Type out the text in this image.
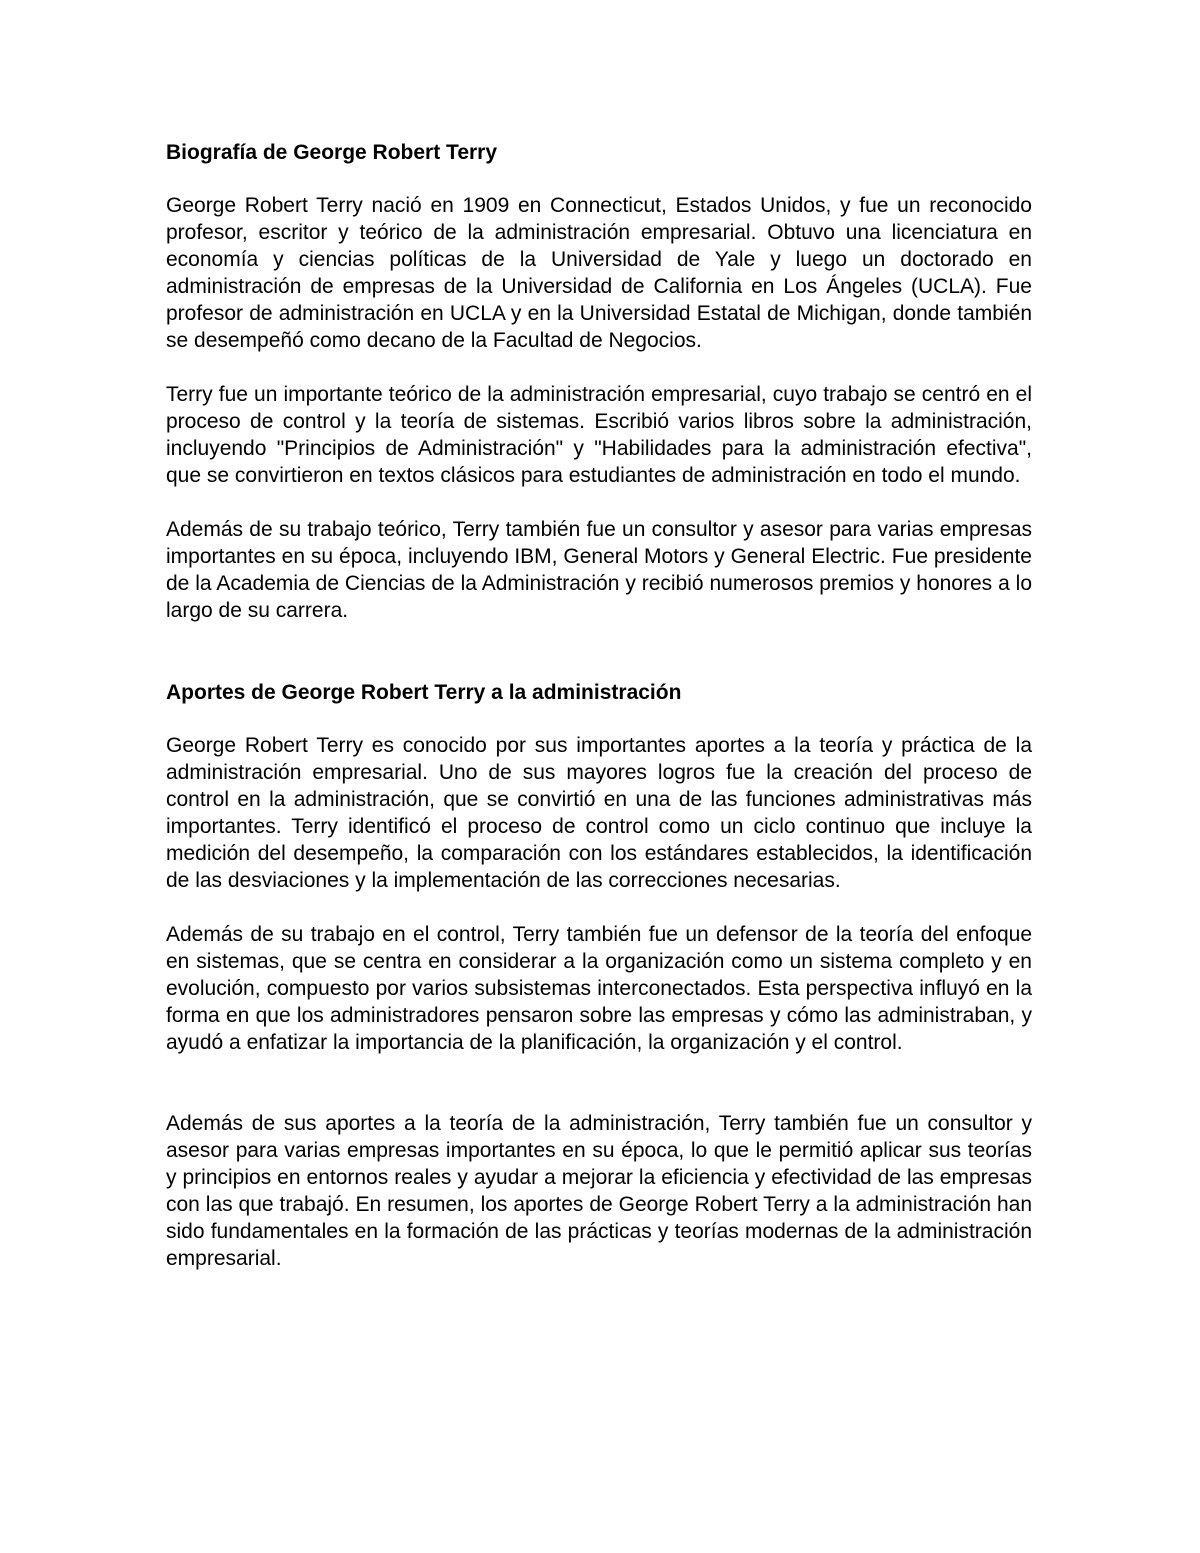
Biografía de George Robert Terry

George Robert Terry nació en 1909 en Connecticut, Estados Unidos, y fue un reconocido profesor, escritor y teórico de la administración empresarial. Obtuvo una licenciatura en economía y ciencias políticas de la Universidad de Yale y luego un doctorado en administración de empresas de la Universidad de California en Los Ángeles (UCLA). Fue profesor de administración en UCLA y en la Universidad Estatal de Michigan, donde también se desempeñó como decano de la Facultad de Negocios.

Terry fue un importante teórico de la administración empresarial, cuyo trabajo se centró en el proceso de control y la teoría de sistemas. Escribió varios libros sobre la administración, incluyendo "Principios de Administración" y "Habilidades para la administración efectiva", que se convirtieron en textos clásicos para estudiantes de administración en todo el mundo.

Además de su trabajo teórico, Terry también fue un consultor y asesor para varias empresas importantes en su época, incluyendo IBM, General Motors y General Electric. Fue presidente de la Academia de Ciencias de la Administración y recibió numerosos premios y honores a lo largo de su carrera.

Aportes de George Robert Terry a la administración

George Robert Terry es conocido por sus importantes aportes a la teoría y práctica de la administración empresarial. Uno de sus mayores logros fue la creación del proceso de control en la administración, que se convirtió en una de las funciones administrativas más importantes. Terry identificó el proceso de control como un ciclo continuo que incluye la medición del desempeño, la comparación con los estándares establecidos, la identificación de las desviaciones y la implementación de las correcciones necesarias.

Además de su trabajo en el control, Terry también fue un defensor de la teoría del enfoque en sistemas, que se centra en considerar a la organización como un sistema completo y en evolución, compuesto por varios subsistemas interconectados. Esta perspectiva influyó en la forma en que los administradores pensaron sobre las empresas y cómo las administraban, y ayudó a enfatizar la importancia de la planificación, la organización y el control.

Además de sus aportes a la teoría de la administración, Terry también fue un consultor y asesor para varias empresas importantes en su época, lo que le permitió aplicar sus teorías y principios en entornos reales y ayudar a mejorar la eficiencia y efectividad de las empresas con las que trabajó. En resumen, los aportes de George Robert Terry a la administración han sido fundamentales en la formación de las prácticas y teorías modernas de la administración empresarial.
